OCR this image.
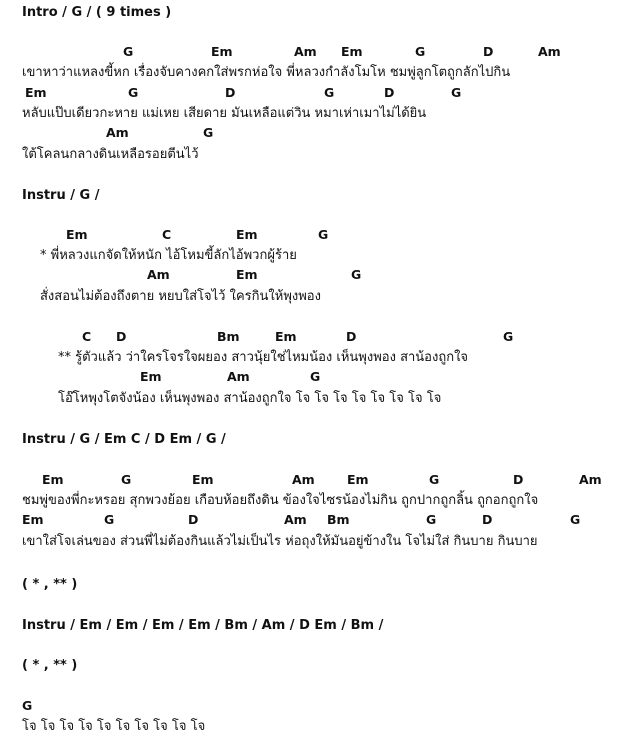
Intro / G / ( 9 times )
Instru / G /
Instru / G / Em C / D Em / G /
( * , ** )
Instru / Em / Em / Em / Em / Bm / Am / D Em / Bm /
( * , ** )
G	Em	Am Em	G	D	Am
เขาหาว่าแหลงขี้หก เรื่องจับคางคกใส่พรกห่อใจ พี่หลวงกำลังโมโห ชมพู่ลูกโตถูกลักไปกิน
Em	G	D	G	D	G
หลับแป๊บเดียวกะหาย แม่เหย เสียดาย มันเหลือแต่วิน หมาเห่าเมาไม่ได้ยิน
Am	G
ใต้โคลนกลางดินเหลือรอยตีนไว้
Em	C	Em	G
* พี่หลวงแกจัดให้หนัก ไอ้โหมขี้ลักไอ้พวกผู้ร้าย
Am	Em	G
สั่งสอนไม่ต้องถึงตาย หยบใส่โจไว้ ใครกินให้พุงพอง
C D	Bm	Em	D	G
** รู้ตัวแล้ว ว่าใครโจรใจผยอง สาวนุ้ยใช่ไหมน้อง เห็นพุงพอง สาน้องถูกใจ
Em	Am	G
โอ๊โหพุงโตจังน้อง เห็นพุงพอง สาน้องถูกใจ โจ โจ โจ โจ โจ โจ โจ โจ
Em	G	Em	Am	Em	G	D	Am
ชมพู่ของพี่กะหรอย สุกพวงย้อย เกือบห้อยถึงดิน ข้องใจไซรน้องไม่กิน ถูกปากถูกลิ้น ถูกอกถูกใจ
Em	G	D	Am Bm	G	D	G
เขาใส่โจเล่นของ ส่วนพี่ไม่ต้องกินแล้วไม่เป็นไร ห่อถุงให้มันอยู่ข้างใน โจไม่ใส่ กินบาย กินบาย
G
โจ โจ โจ โจ โจ โจ โจ โจ โจ โจ
